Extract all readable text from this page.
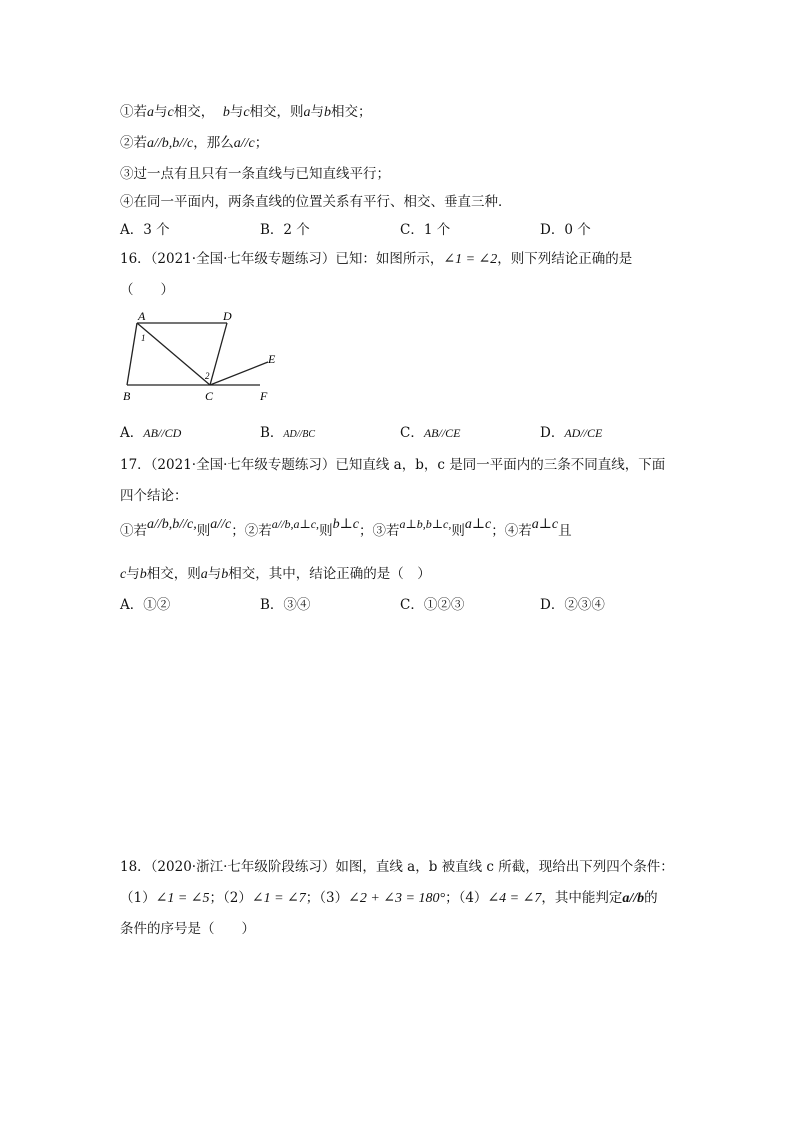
①若a与c相交， b与c相交，则a与b相交；
②若a//b,b//c，那么a//c；
③过一点有且只有一条直线与已知直线平行；
④在同一平面内，两条直线的位置关系有平行、相交、垂直三种．
A．3 个	B．2 个	C．1 个	D．0 个
16．（2021·全国·七年级专题练习）已知：如图所示，∠1 = ∠2，则下列结论正确的是
（　　）
A	D
E
B	C	F
1
2
A．AB//CD	B．AD//BC	C．AB//CE	D．AD//CE
17．（2021·全国·七年级专题练习）已知直线 a，b，c 是同一平面内的三条不同直线，下面
四个结论：
①若a//b,b//c,则a//c；②若a//b,a⊥c,则b⊥c；③若a⊥b,b⊥c,则a⊥c；④若a⊥c且
c与b相交，则a与b相交，其中，结论正确的是（　）
A．①②	B．③④	C．①②③	D．②③④
18．（2020·浙江·七年级阶段练习）如图，直线 a，b 被直线 c 所截，现给出下列四个条件：
（1）∠1 = ∠5；（2）∠1 = ∠7；（3）∠2 + ∠3 = 180°；（4）∠4 = ∠7，其中能判定a//b的
条件的序号是（　　）
